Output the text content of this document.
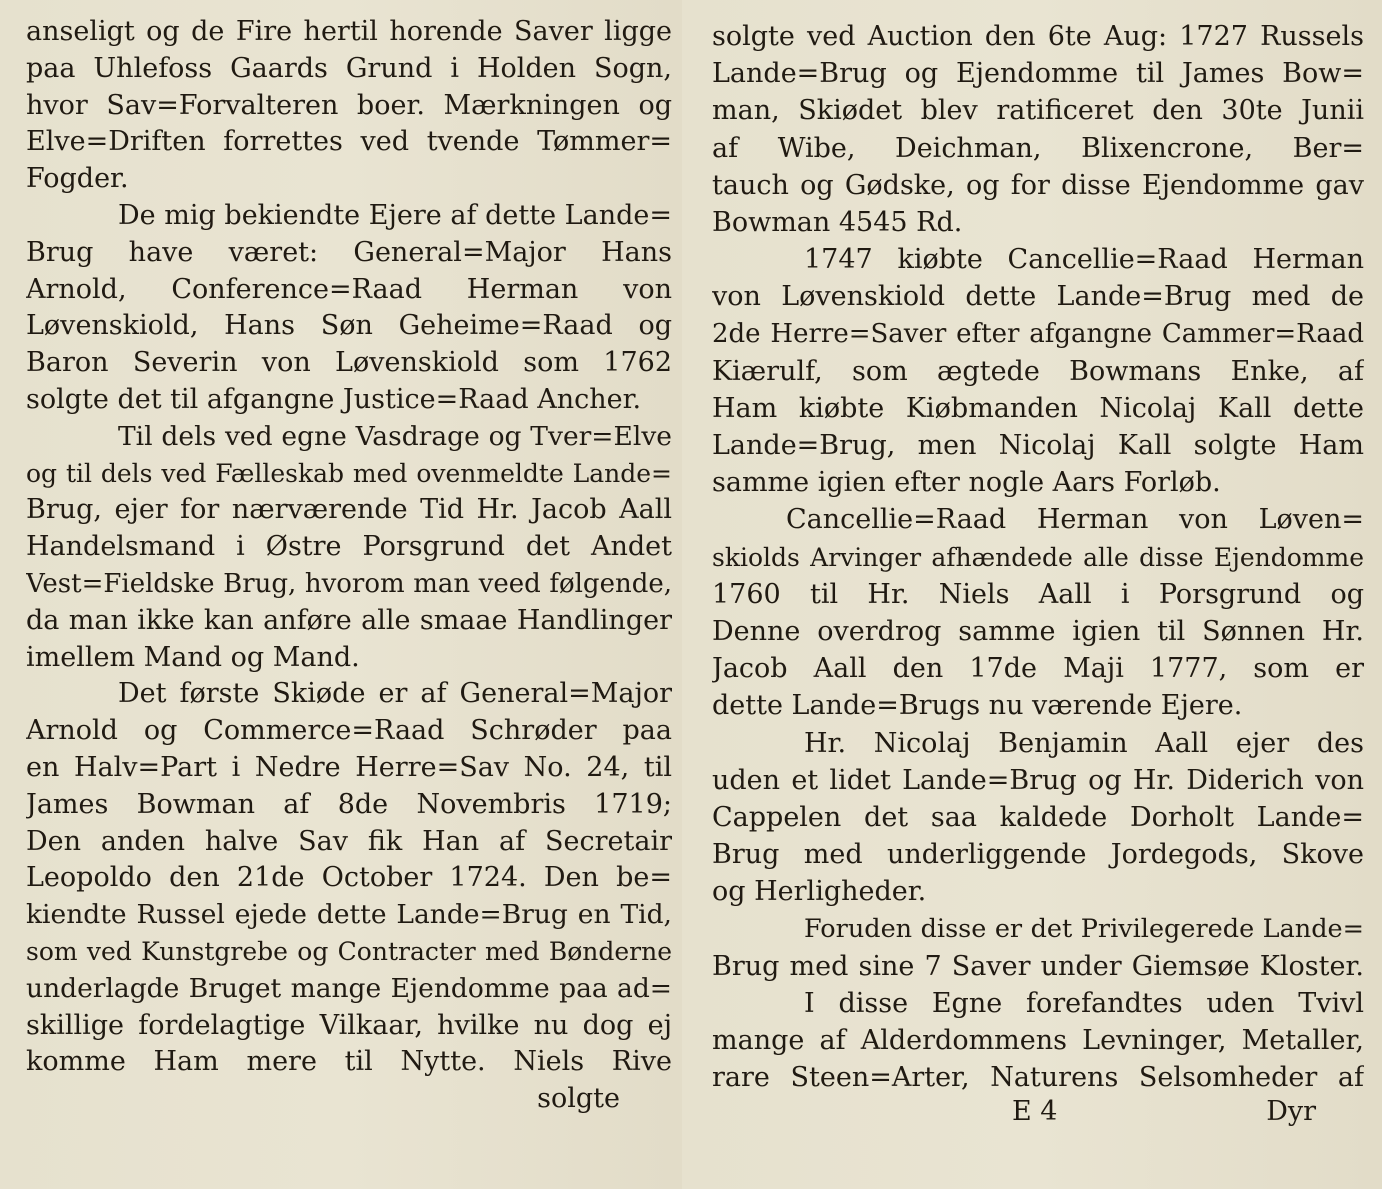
anseligt og de Fire hertil horende Saver ligge
paa Uhlefoss Gaards Grund i Holden Sogn,
hvor Sav=Forvalteren boer. Mærkningen og
Elve=Driften forrettes ved tvende Tømmer=
Fogder.
De mig bekiendte Ejere af dette Lande=
Brug have været: General=Major Hans
Arnold, Conference=Raad Herman von
Løvenskiold, Hans Søn Geheime=Raad og
Baron Severin von Løvenskiold som 1762
solgte det til afgangne Justice=Raad Ancher.
Til dels ved egne Vasdrage og Tver=Elve
og til dels ved Fælleskab med ovenmeldte Lande=
Brug, ejer for nærværende Tid Hr. Jacob Aall
Handelsmand i Østre Porsgrund det Andet
Vest=Fieldske Brug, hvorom man veed følgende,
da man ikke kan anføre alle smaae Handlinger
imellem Mand og Mand.
Det første Skiøde er af General=Major
Arnold og Commerce=Raad Schrøder paa
en Halv=Part i Nedre Herre=Sav No. 24, til
James Bowman af 8de Novembris 1719;
Den anden halve Sav fik Han af Secretair
Leopoldo den 21de October 1724. Den be=
kiendte Russel ejede dette Lande=Brug en Tid,
som ved Kunstgrebe og Contracter med Bønderne
underlagde Bruget mange Ejendomme paa ad=
skillige fordelagtige Vilkaar, hvilke nu dog ej
komme Ham mere til Nytte. Niels Rive
solgte
solgte ved Auction den 6te Aug: 1727 Russels
Lande=Brug og Ejendomme til James Bow=
man, Skiødet blev ratificeret den 30te Junii
af Wibe, Deichman, Blixencrone, Ber=
tauch og Gødske, og for disse Ejendomme gav
Bowman 4545 Rd.
1747 kiøbte Cancellie=Raad Herman
von Løvenskiold dette Lande=Brug med de
2de Herre=Saver efter afgangne Cammer=Raad
Kiærulf, som ægtede Bowmans Enke, af
Ham kiøbte Kiøbmanden Nicolaj Kall dette
Lande=Brug, men Nicolaj Kall solgte Ham
samme igien efter nogle Aars Forløb.
Cancellie=Raad Herman von Løven=
skiolds Arvinger afhændede alle disse Ejendomme
1760 til Hr. Niels Aall i Porsgrund og
Denne overdrog samme igien til Sønnen Hr.
Jacob Aall den 17de Maji 1777, som er
dette Lande=Brugs nu værende Ejere.
Hr. Nicolaj Benjamin Aall ejer des
uden et lidet Lande=Brug og Hr. Diderich von
Cappelen det saa kaldede Dorholt Lande=
Brug med underliggende Jordegods, Skove
og Herligheder.
Foruden disse er det Privilegerede Lande=
Brug med sine 7 Saver under Giemsøe Kloster.
I disse Egne forefandtes uden Tvivl
mange af Alderdommens Levninger, Metaller,
rare Steen=Arter, Naturens Selsomheder af
E 4	Dyr
